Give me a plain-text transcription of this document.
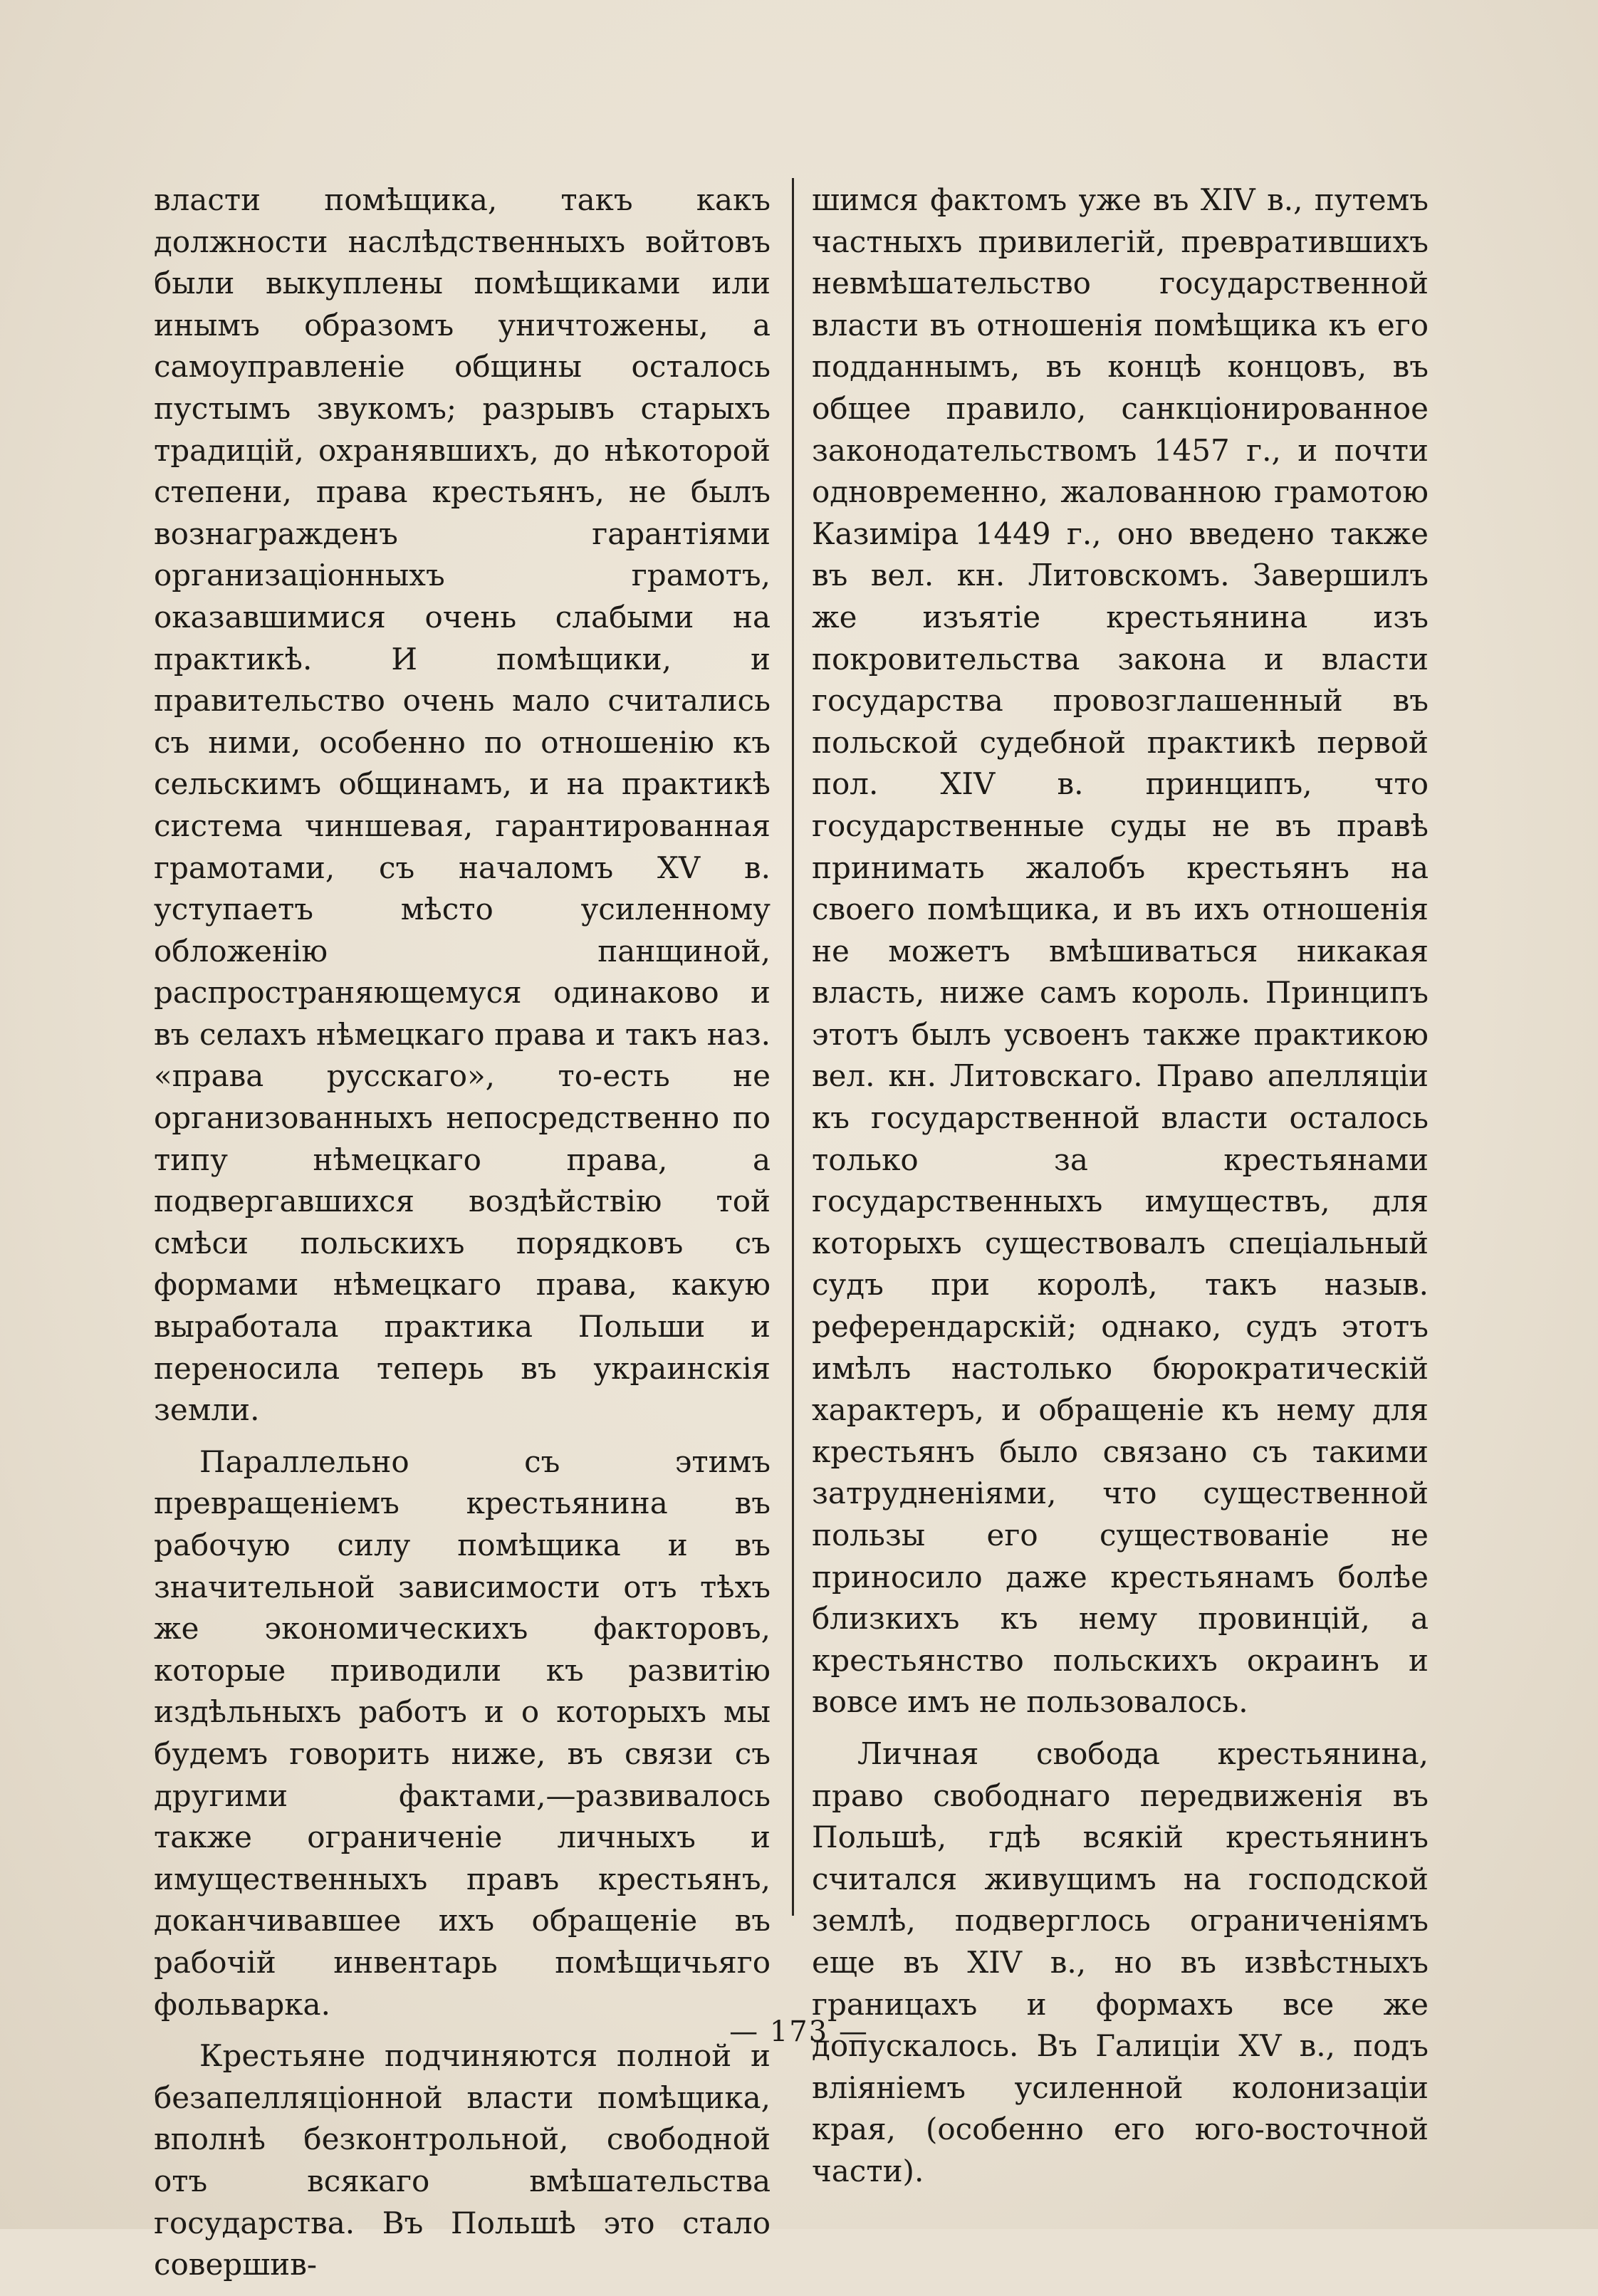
власти помѣщика, такъ какъ должности наслѣдственныхъ войтовъ были выкуплены помѣщиками или инымъ образомъ уничтожены, а самоуправленіе общины осталось пустымъ звукомъ; разрывъ старыхъ традицій, охранявшихъ, до нѣкоторой степени, права крестьянъ, не былъ вознагражденъ гарантіями организаціонныхъ грамотъ, оказавшимися очень слабыми на практикѣ. И помѣщики, и правительство очень мало считались съ ними, особенно по отношенію къ сельскимъ общинамъ, и на практикѣ система чиншевая, гарантированная грамотами, съ началомъ XV в. уступаетъ мѣсто усиленному обложенію панщиной, распространяющемуся одинаково и въ селахъ нѣмецкаго права и такъ наз. «права русскаго», то-есть не организованныхъ непосредственно по типу нѣмецкаго права, а подвергавшихся воздѣйствію той смѣси польскихъ порядковъ съ формами нѣмецкаго права, какую выработала практика Польши и переносила теперь въ украинскія земли.

Параллельно съ этимъ превращеніемъ крестьянина въ рабочую силу помѣщика и въ значительной зависимости отъ тѣхъ же экономическихъ факторовъ, которые приводили къ развитію издѣльныхъ работъ и о которыхъ мы будемъ говорить ниже, въ связи съ другими фактами,—развивалось также ограниченіе личныхъ и имущественныхъ правъ крестьянъ, доканчивавшее ихъ обращеніе въ рабочій инвентарь помѣщичьяго фольварка.

Крестьяне подчиняются полной и безапелляціонной власти помѣщика, вполнѣ безконтрольной, свободной отъ всякаго вмѣшательства государства. Въ Польшѣ это стало совершив-

шимся фактомъ уже въ XIV в., путемъ частныхъ привилегій, превратившихъ невмѣшательство государственной власти въ отношенія помѣщика къ его подданнымъ, въ концѣ концовъ, въ общее правило, санкціонированное законодательствомъ 1457 г., и почти одновременно, жалованною грамотою Казиміра 1449 г., оно введено также въ вел. кн. Литовскомъ. Завершилъ же изъятіе крестьянина изъ покровительства закона и власти государства провозглашенный въ польской судебной практикѣ первой пол. XIV в. принципъ, что государственные суды не въ правѣ принимать жалобъ крестьянъ на своего помѣщика, и въ ихъ отношенія не можетъ вмѣшиваться никакая власть, ниже самъ король. Принципъ этотъ былъ усвоенъ также практикою вел. кн. Литовскаго. Право апелляціи къ государственной власти осталось только за крестьянами государственныхъ имуществъ, для которыхъ существовалъ спеціальный судъ при королѣ, такъ назыв. референдарскій; однако, судъ этотъ имѣлъ настолько бюрократическій характеръ, и обращеніе къ нему для крестьянъ было связано съ такими затрудненіями, что существенной пользы его существованіе не приносило даже крестьянамъ болѣе близкихъ къ нему провинцій, а крестьянство польскихъ окраинъ и вовсе имъ не пользовалось.

Личная свобода крестьянина, право свободнаго передвиженія въ Польшѣ, гдѣ всякій крестьянинъ считался живущимъ на господской землѣ, подверглось ограниченіямъ еще въ XIV в., но въ извѣстныхъ границахъ и формахъ все же допускалось. Въ Галиціи XV в., подъ вліяніемъ усиленной колонизаціи края, (особенно его юго-восточной части).

— 173 —
